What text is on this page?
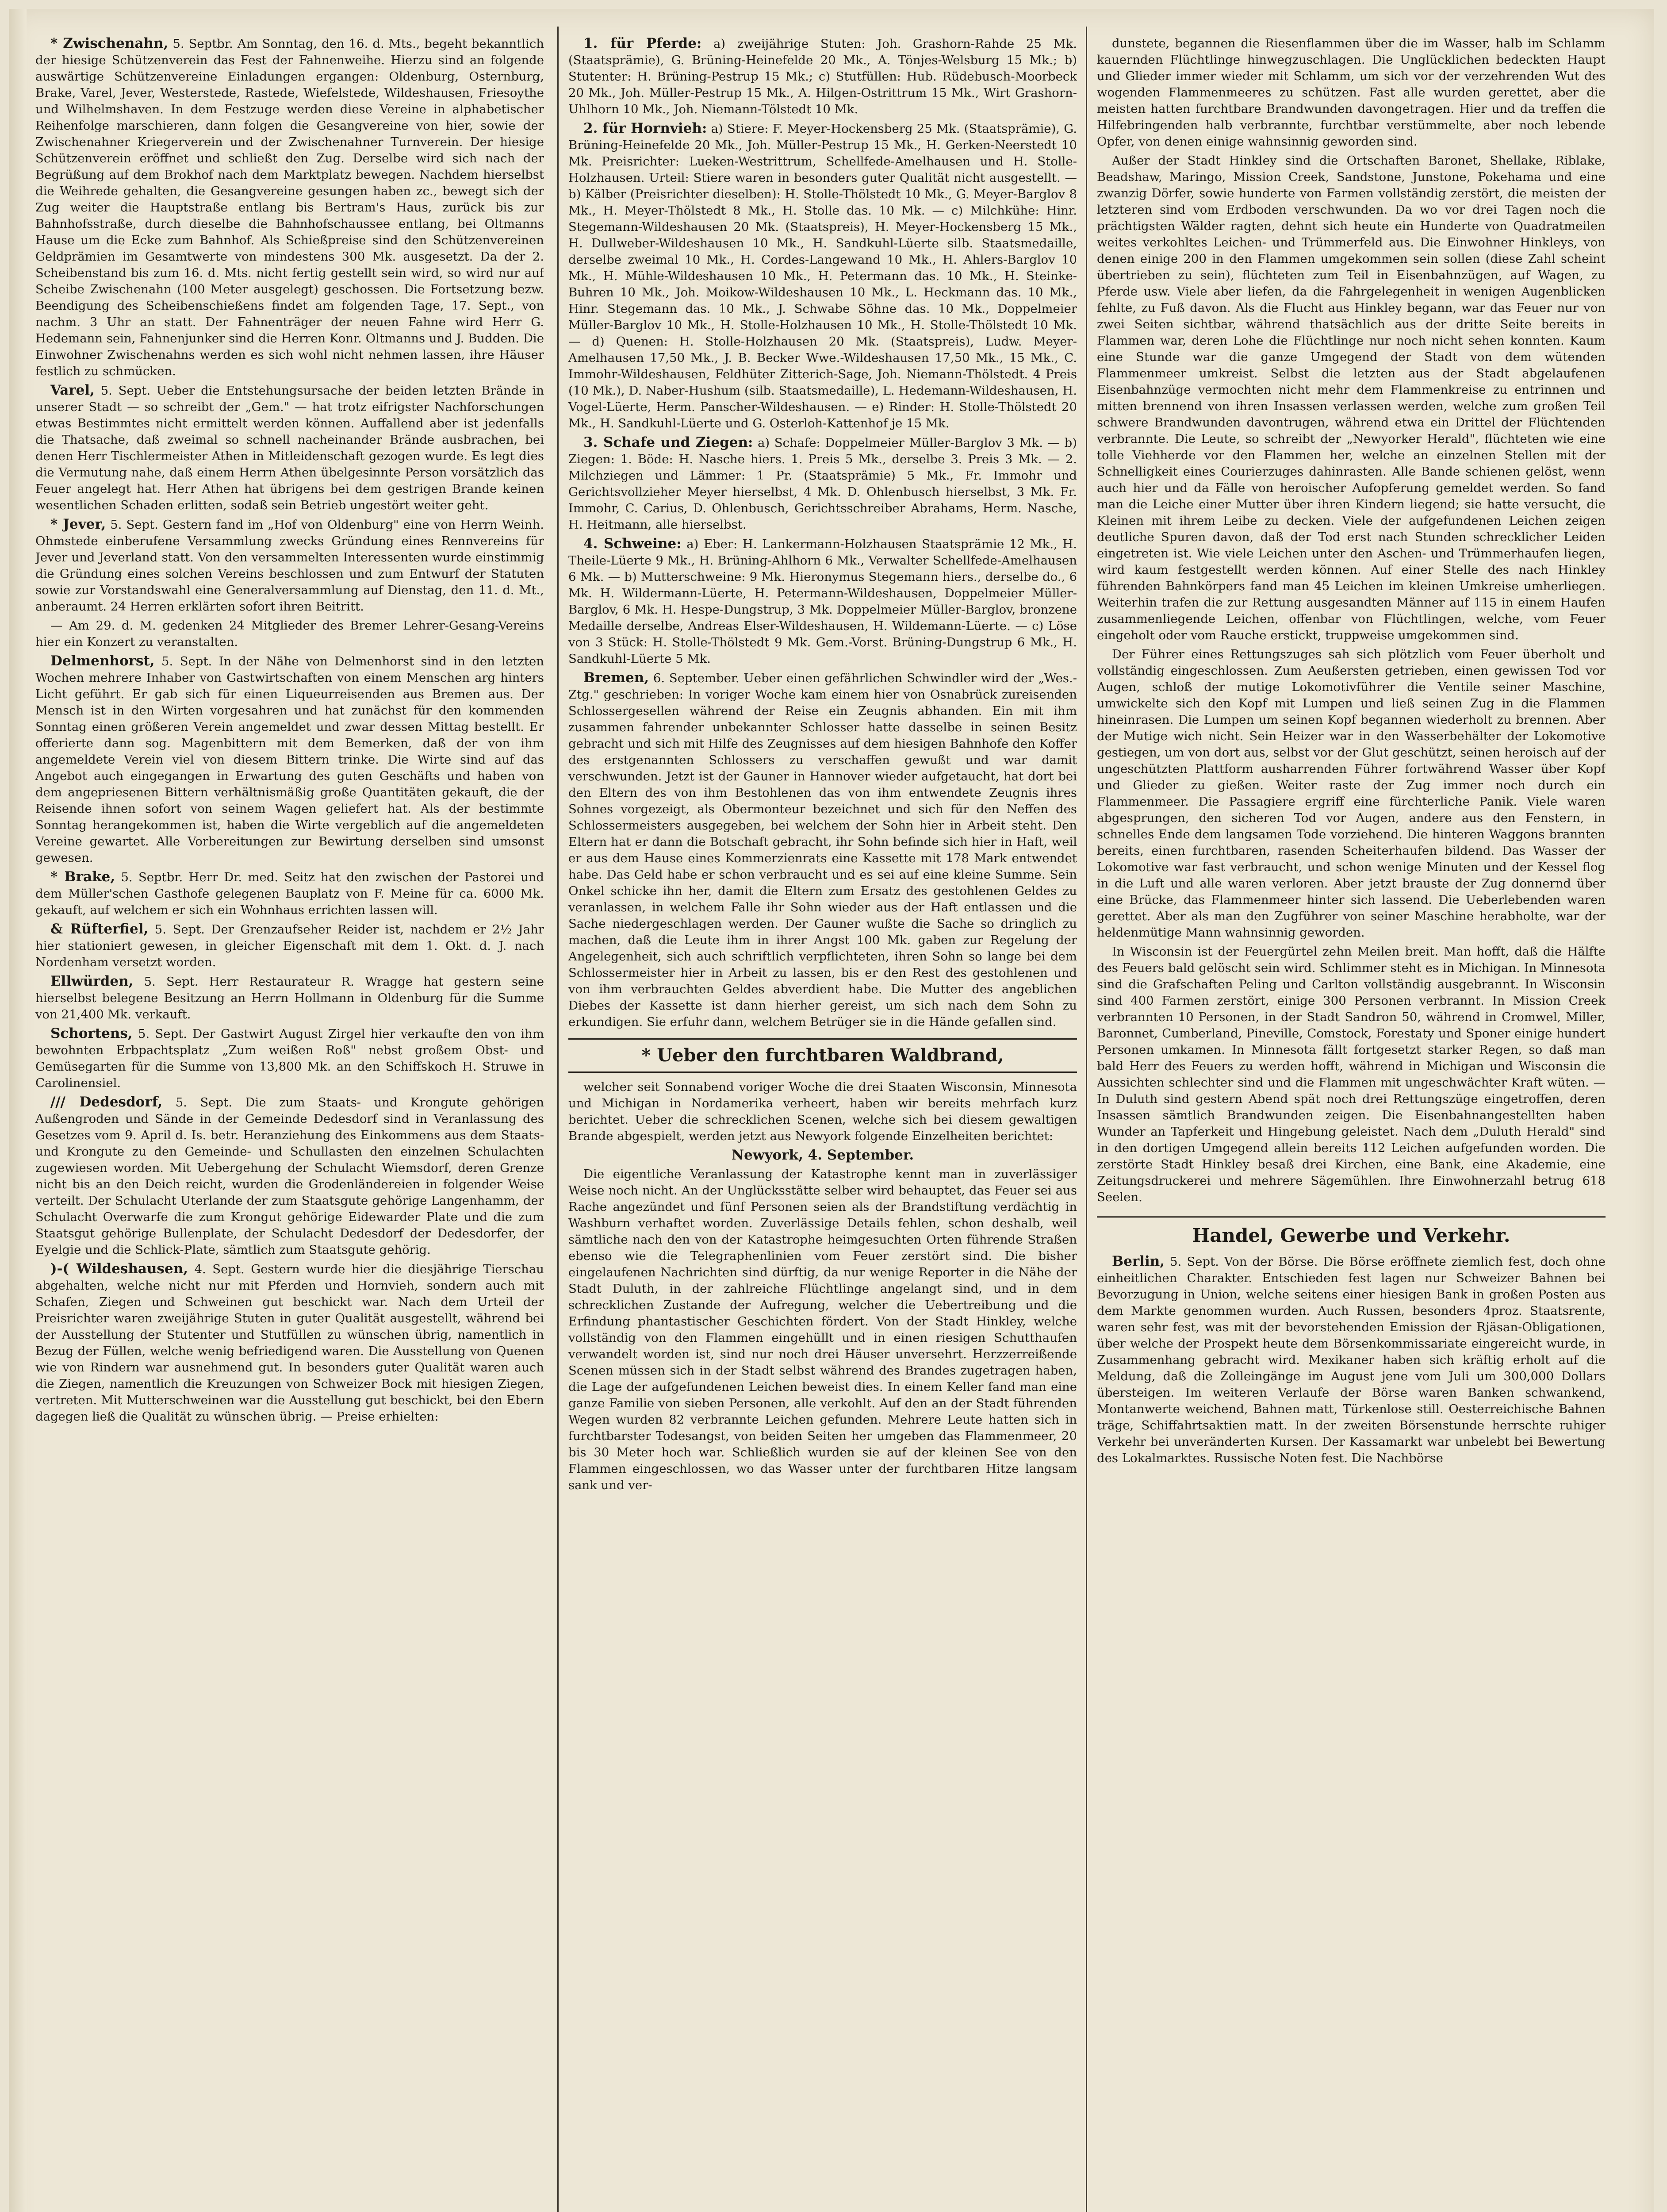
* Zwischenahn, 5. Septbr. Am Sonntag, den 16. d. Mts., begeht bekanntlich der hiesige Schützenverein das Fest der Fahnenweihe. Hierzu sind an folgende auswärtige Schützenvereine Einladungen ergangen: Oldenburg, Osternburg, Brake, Varel, Jever, Westerstede, Rastede, Wiefelstede, Wildeshausen, Friesoythe und Wilhelmshaven. In dem Festzuge werden diese Vereine in alphabetischer Reihenfolge marschieren, dann folgen die Gesangvereine von hier, sowie der Zwischenahner Kriegerverein und der Zwischenahner Turnverein. Der hiesige Schützenverein eröffnet und schließt den Zug. Derselbe wird sich nach der Begrüßung auf dem Brokhof nach dem Marktplatz bewegen. Nachdem hierselbst die Weihrede gehalten, die Gesangvereine gesungen haben zc., bewegt sich der Zug weiter die Hauptstraße entlang bis Bertram's Haus, zurück bis zur Bahnhofsstraße, durch dieselbe die Bahnhofschaussee entlang, bei Oltmanns Hause um die Ecke zum Bahnhof. Als Schießpreise sind den Schützenvereinen Geldprämien im Gesamtwerte von mindestens 300 Mk. ausgesetzt. Da der 2. Scheibenstand bis zum 16. d. Mts. nicht fertig gestellt sein wird, so wird nur auf Scheibe Zwischenahn (100 Meter ausgelegt) geschossen. Die Fortsetzung bezw. Beendigung des Scheibenschießens findet am folgenden Tage, 17. Sept., von nachm. 3 Uhr an statt. Der Fahnenträger der neuen Fahne wird Herr G. Hedemann sein, Fahnenjunker sind die Herren Konr. Oltmanns und J. Budden. Die Einwohner Zwischenahns werden es sich wohl nicht nehmen lassen, ihre Häuser festlich zu schmücken.

Varel, 5. Sept. Ueber die Entstehungsursache der beiden letzten Brände in unserer Stadt — so schreibt der „Gem." — hat trotz eifrigster Nachforschungen etwas Bestimmtes nicht ermittelt werden können. Auffallend aber ist jedenfalls die Thatsache, daß zweimal so schnell nacheinander Brände ausbrachen, bei denen Herr Tischlermeister Athen in Mitleidenschaft gezogen wurde. Es legt dies die Vermutung nahe, daß einem Herrn Athen übelgesinnte Person vorsätzlich das Feuer angelegt hat. Herr Athen hat übrigens bei dem gestrigen Brande keinen wesentlichen Schaden erlitten, sodaß sein Betrieb ungestört weiter geht.

* Jever, 5. Sept. Gestern fand im „Hof von Oldenburg" eine von Herrn Weinh. Ohmstede einberufene Versammlung zwecks Gründung eines Rennvereins für Jever und Jeverland statt. Von den versammelten Interessenten wurde einstimmig die Gründung eines solchen Vereins beschlossen und zum Entwurf der Statuten sowie zur Vorstandswahl eine Generalversammlung auf Dienstag, den 11. d. Mt., anberaumt. 24 Herren erklärten sofort ihren Beitritt.

— Am 29. d. M. gedenken 24 Mitglieder des Bremer Lehrer-Gesang-Vereins hier ein Konzert zu veranstalten.

Delmenhorst, 5. Sept. In der Nähe von Delmenhorst sind in den letzten Wochen mehrere Inhaber von Gastwirtschaften von einem Menschen arg hinters Licht geführt. Er gab sich für einen Liqueurreisenden aus Bremen aus. Der Mensch ist in den Wirten vorgesahren und hat zunächst für den kommenden Sonntag einen größeren Verein angemeldet und zwar dessen Mittag bestellt. Er offerierte dann sog. Magenbittern mit dem Bemerken, daß der von ihm angemeldete Verein viel von diesem Bittern trinke. Die Wirte sind auf das Angebot auch eingegangen in Erwartung des guten Geschäfts und haben von dem angepriesenen Bittern verhältnismäßig große Quantitäten gekauft, die der Reisende ihnen sofort von seinem Wagen geliefert hat. Als der bestimmte Sonntag herangekommen ist, haben die Wirte vergeblich auf die angemeldeten Vereine gewartet. Alle Vorbereitungen zur Bewirtung derselben sind umsonst gewesen.

* Brake, 5. Septbr. Herr Dr. med. Seitz hat den zwischen der Pastorei und dem Müller'schen Gasthofe gelegenen Bauplatz von F. Meine für ca. 6000 Mk. gekauft, auf welchem er sich ein Wohnhaus errichten lassen will.

& Rüfterfiel, 5. Sept. Der Grenzaufseher Reider ist, nachdem er 2½ Jahr hier stationiert gewesen, in gleicher Eigenschaft mit dem 1. Okt. d. J. nach Nordenham versetzt worden.

Ellwürden, 5. Sept. Herr Restaurateur R. Wragge hat gestern seine hierselbst belegene Besitzung an Herrn Hollmann in Oldenburg für die Summe von 21,400 Mk. verkauft.

Schortens, 5. Sept. Der Gastwirt August Zirgel hier verkaufte den von ihm bewohnten Erbpachtsplatz „Zum weißen Roß" nebst großem Obst- und Gemüsegarten für die Summe von 13,800 Mk. an den Schiffskoch H. Struwe in Carolinensiel.

/// Dedesdorf, 5. Sept. Die zum Staats- und Krongute gehörigen Außengroden und Sände in der Gemeinde Dedesdorf sind in Veranlassung des Gesetzes vom 9. April d. Is. betr. Heranziehung des Einkommens aus dem Staats- und Krongute zu den Gemeinde- und Schullasten den einzelnen Schulachten zugewiesen worden. Mit Uebergehung der Schulacht Wiemsdorf, deren Grenze nicht bis an den Deich reicht, wurden die Grodenländereien in folgender Weise verteilt. Der Schulacht Uterlande der zum Staatsgute gehörige Langenhamm, der Schulacht Overwarfe die zum Krongut gehörige Eidewarder Plate und die zum Staatsgut gehörige Bullenplate, der Schulacht Dedesdorf der Dedesdorfer, der Eyelgie und die Schlick-Plate, sämtlich zum Staatsgute gehörig.

)-( Wildeshausen, 4. Sept. Gestern wurde hier die diesjährige Tierschau abgehalten, welche nicht nur mit Pferden und Hornvieh, sondern auch mit Schafen, Ziegen und Schweinen gut beschickt war. Nach dem Urteil der Preisrichter waren zweijährige Stuten in guter Qualität ausgestellt, während bei der Ausstellung der Stutenter und Stutfüllen zu wünschen übrig, namentlich in Bezug der Füllen, welche wenig befriedigend waren. Die Ausstellung von Quenen wie von Rindern war ausnehmend gut. In besonders guter Qualität waren auch die Ziegen, namentlich die Kreuzungen von Schweizer Bock mit hiesigen Ziegen, vertreten. Mit Mutterschweinen war die Ausstellung gut beschickt, bei den Ebern dagegen ließ die Qualität zu wünschen übrig. — Preise erhielten:

1. für Pferde: a) zweijährige Stuten: Joh. Grashorn-Rahde 25 Mk. (Staatsprämie), G. Brüning-Heinefelde 20 Mk., A. Tönjes-Welsburg 15 Mk.; b) Stutenter: H. Brüning-Pestrup 15 Mk.; c) Stutfüllen: Hub. Rüdebusch-Moorbeck 20 Mk., Joh. Müller-Pestrup 15 Mk., A. Hilgen-Ostrittrum 15 Mk., Wirt Grashorn-Uhlhorn 10 Mk., Joh. Niemann-Tölstedt 10 Mk.

2. für Hornvieh: a) Stiere: F. Meyer-Hockensberg 25 Mk. (Staatsprämie), G. Brüning-Heinefelde 20 Mk., Joh. Müller-Pestrup 15 Mk., H. Gerken-Neerstedt 10 Mk. Preisrichter: Lueken-Westrittrum, Schellfede-Amelhausen und H. Stolle-Holzhausen. Urteil: Stiere waren in besonders guter Qualität nicht ausgestellt. — b) Kälber (Preisrichter dieselben): H. Stolle-Thölstedt 10 Mk., G. Meyer-Barglov 8 Mk., H. Meyer-Thölstedt 8 Mk., H. Stolle das. 10 Mk. — c) Milchkühe: Hinr. Stegemann-Wildeshausen 20 Mk. (Staatspreis), H. Meyer-Hockensberg 15 Mk., H. Dullweber-Wildeshausen 10 Mk., H. Sandkuhl-Lüerte silb. Staatsmedaille, derselbe zweimal 10 Mk., H. Cordes-Langewand 10 Mk., H. Ahlers-Barglov 10 Mk., H. Mühle-Wildeshausen 10 Mk., H. Petermann das. 10 Mk., H. Steinke-Buhren 10 Mk., Joh. Moikow-Wildeshausen 10 Mk., L. Heckmann das. 10 Mk., Hinr. Stegemann das. 10 Mk., J. Schwabe Söhne das. 10 Mk., Doppelmeier Müller-Barglov 10 Mk., H. Stolle-Holzhausen 10 Mk., H. Stolle-Thölstedt 10 Mk. — d) Quenen: H. Stolle-Holzhausen 20 Mk. (Staatspreis), Ludw. Meyer-Amelhausen 17,50 Mk., J. B. Becker Wwe.-Wildeshausen 17,50 Mk., 15 Mk., C. Immohr-Wildeshausen, Feldhüter Zitterich-Sage, Joh. Niemann-Thölstedt. 4 Preis (10 Mk.), D. Naber-Hushum (silb. Staatsmedaille), L. Hedemann-Wildeshausen, H. Vogel-Lüerte, Herm. Panscher-Wildeshausen. — e) Rinder: H. Stolle-Thölstedt 20 Mk., H. Sandkuhl-Lüerte und G. Osterloh-Kattenhof je 15 Mk.

3. Schafe und Ziegen: a) Schafe: Doppelmeier Müller-Barglov 3 Mk. — b) Ziegen: 1. Böde: H. Nasche hiers. 1. Preis 5 Mk., derselbe 3. Preis 3 Mk. — 2. Milchziegen und Lämmer: 1 Pr. (Staatsprämie) 5 Mk., Fr. Immohr und Gerichtsvollzieher Meyer hierselbst, 4 Mk. D. Ohlenbusch hierselbst, 3 Mk. Fr. Immohr, C. Carius, D. Ohlenbusch, Gerichtsschreiber Abrahams, Herm. Nasche, H. Heitmann, alle hierselbst.

4. Schweine: a) Eber: H. Lankermann-Holzhausen Staatsprämie 12 Mk., H. Theile-Lüerte 9 Mk., H. Brüning-Ahlhorn 6 Mk., Verwalter Schellfede-Amelhausen 6 Mk. — b) Mutterschweine: 9 Mk. Hieronymus Stegemann hiers., derselbe do., 6 Mk. H. Wildermann-Lüerte, H. Petermann-Wildeshausen, Doppelmeier Müller-Barglov, 6 Mk. H. Hespe-Dungstrup, 3 Mk. Doppelmeier Müller-Barglov, bronzene Medaille derselbe, Andreas Elser-Wildeshausen, H. Wildemann-Lüerte. — c) Löse von 3 Stück: H. Stolle-Thölstedt 9 Mk. Gem.-Vorst. Brüning-Dungstrup 6 Mk., H. Sandkuhl-Lüerte 5 Mk.

Bremen, 6. September. Ueber einen gefährlichen Schwindler wird der „Wes.-Ztg." geschrieben: In voriger Woche kam einem hier von Osnabrück zureisenden Schlossergesellen während der Reise ein Zeugnis abhanden. Ein mit ihm zusammen fahrender unbekannter Schlosser hatte dasselbe in seinen Besitz gebracht und sich mit Hilfe des Zeugnisses auf dem hiesigen Bahnhofe den Koffer des erstgenannten Schlossers zu verschaffen gewußt und war damit verschwunden. Jetzt ist der Gauner in Hannover wieder aufgetaucht, hat dort bei den Eltern des von ihm Bestohlenen das von ihm entwendete Zeugnis ihres Sohnes vorgezeigt, als Obermonteur bezeichnet und sich für den Neffen des Schlossermeisters ausgegeben, bei welchem der Sohn hier in Arbeit steht. Den Eltern hat er dann die Botschaft gebracht, ihr Sohn befinde sich hier in Haft, weil er aus dem Hause eines Kommerzienrats eine Kassette mit 178 Mark entwendet habe. Das Geld habe er schon verbraucht und es sei auf eine kleine Summe. Sein Onkel schicke ihn her, damit die Eltern zum Ersatz des gestohlenen Geldes zu veranlassen, in welchem Falle ihr Sohn wieder aus der Haft entlassen und die Sache niedergeschlagen werden. Der Gauner wußte die Sache so dringlich zu machen, daß die Leute ihm in ihrer Angst 100 Mk. gaben zur Regelung der Angelegenheit, sich auch schriftlich verpflichteten, ihren Sohn so lange bei dem Schlossermeister hier in Arbeit zu lassen, bis er den Rest des gestohlenen und von ihm verbrauchten Geldes abverdient habe. Die Mutter des angeblichen Diebes der Kassette ist dann hierher gereist, um sich nach dem Sohn zu erkundigen. Sie erfuhr dann, welchem Betrüger sie in die Hände gefallen sind.

* Ueber den furchtbaren Waldbrand,

welcher seit Sonnabend voriger Woche die drei Staaten Wisconsin, Minnesota und Michigan in Nordamerika verheert, haben wir bereits mehrfach kurz berichtet. Ueber die schrecklichen Scenen, welche sich bei diesem gewaltigen Brande abgespielt, werden jetzt aus Newyork folgende Einzelheiten berichtet:

Newyork, 4. September.

Die eigentliche Veranlassung der Katastrophe kennt man in zuverlässiger Weise noch nicht. An der Unglücksstätte selber wird behauptet, das Feuer sei aus Rache angezündet und fünf Personen seien als der Brandstiftung verdächtig in Washburn verhaftet worden. Zuverlässige Details fehlen, schon deshalb, weil sämtliche nach den von der Katastrophe heimgesuchten Orten führende Straßen ebenso wie die Telegraphenlinien vom Feuer zerstört sind. Die bisher eingelaufenen Nachrichten sind dürftig, da nur wenige Reporter in die Nähe der Stadt Duluth, in der zahlreiche Flüchtlinge angelangt sind, und in dem schrecklichen Zustande der Aufregung, welcher die Uebertreibung und die Erfindung phantastischer Geschichten fördert. Von der Stadt Hinkley, welche vollständig von den Flammen eingehüllt und in einen riesigen Schutthaufen verwandelt worden ist, sind nur noch drei Häuser unversehrt. Herzzerreißende Scenen müssen sich in der Stadt selbst während des Brandes zugetragen haben, die Lage der aufgefundenen Leichen beweist dies. In einem Keller fand man eine ganze Familie von sieben Personen, alle verkohlt. Auf den an der Stadt führenden Wegen wurden 82 verbrannte Leichen gefunden. Mehrere Leute hatten sich in furchtbarster Todesangst, von beiden Seiten her umgeben das Flammenmeer, 20 bis 30 Meter hoch war. Schließlich wurden sie auf der kleinen See von den Flammen eingeschlossen, wo das Wasser unter der furchtbaren Hitze langsam sank und ver-

dunstete, begannen die Riesenflammen über die im Wasser, halb im Schlamm kauernden Flüchtlinge hinwegzuschlagen. Die Unglücklichen bedeckten Haupt und Glieder immer wieder mit Schlamm, um sich vor der verzehrenden Wut des wogenden Flammenmeeres zu schützen. Fast alle wurden gerettet, aber die meisten hatten furchtbare Brandwunden davongetragen. Hier und da treffen die Hilfebringenden halb verbrannte, furchtbar verstümmelte, aber noch lebende Opfer, von denen einige wahnsinnig geworden sind.

Außer der Stadt Hinkley sind die Ortschaften Baronet, Shellake, Riblake, Beadshaw, Maringo, Mission Creek, Sandstone, Junstone, Pokehama und eine zwanzig Dörfer, sowie hunderte von Farmen vollständig zerstört, die meisten der letzteren sind vom Erdboden verschwunden. Da wo vor drei Tagen noch die prächtigsten Wälder ragten, dehnt sich heute ein Hunderte von Quadratmeilen weites verkohltes Leichen- und Trümmerfeld aus. Die Einwohner Hinkleys, von denen einige 200 in den Flammen umgekommen sein sollen (diese Zahl scheint übertrieben zu sein), flüchteten zum Teil in Eisenbahnzügen, auf Wagen, zu Pferde usw. Viele aber liefen, da die Fahrgelegenheit in wenigen Augenblicken fehlte, zu Fuß davon. Als die Flucht aus Hinkley begann, war das Feuer nur von zwei Seiten sichtbar, während thatsächlich aus der dritte Seite bereits in Flammen war, deren Lohe die Flüchtlinge nur noch nicht sehen konnten. Kaum eine Stunde war die ganze Umgegend der Stadt von dem wütenden Flammenmeer umkreist. Selbst die letzten aus der Stadt abgelaufenen Eisenbahnzüge vermochten nicht mehr dem Flammenkreise zu entrinnen und mitten brennend von ihren Insassen verlassen werden, welche zum großen Teil schwere Brandwunden davontrugen, während etwa ein Drittel der Flüchtenden verbrannte. Die Leute, so schreibt der „Newyorker Herald", flüchteten wie eine tolle Viehherde vor den Flammen her, welche an einzelnen Stellen mit der Schnelligkeit eines Courierzuges dahinrasten. Alle Bande schienen gelöst, wenn auch hier und da Fälle von heroischer Aufopferung gemeldet werden. So fand man die Leiche einer Mutter über ihren Kindern liegend; sie hatte versucht, die Kleinen mit ihrem Leibe zu decken. Viele der aufgefundenen Leichen zeigen deutliche Spuren davon, daß der Tod erst nach Stunden schrecklicher Leiden eingetreten ist. Wie viele Leichen unter den Aschen- und Trümmerhaufen liegen, wird kaum festgestellt werden können. Auf einer Stelle des nach Hinkley führenden Bahnkörpers fand man 45 Leichen im kleinen Umkreise umherliegen. Weiterhin trafen die zur Rettung ausgesandten Männer auf 115 in einem Haufen zusammenliegende Leichen, offenbar von Flüchtlingen, welche, vom Feuer eingeholt oder vom Rauche erstickt, truppweise umgekommen sind.

Der Führer eines Rettungszuges sah sich plötzlich vom Feuer überholt und vollständig eingeschlossen. Zum Aeußersten getrieben, einen gewissen Tod vor Augen, schloß der mutige Lokomotivführer die Ventile seiner Maschine, umwickelte sich den Kopf mit Lumpen und ließ seinen Zug in die Flammen hineinrasen. Die Lumpen um seinen Kopf begannen wiederholt zu brennen. Aber der Mutige wich nicht. Sein Heizer war in den Wasserbehälter der Lokomotive gestiegen, um von dort aus, selbst vor der Glut geschützt, seinen heroisch auf der ungeschützten Plattform ausharrenden Führer fortwährend Wasser über Kopf und Glieder zu gießen. Weiter raste der Zug immer noch durch ein Flammenmeer. Die Passagiere ergriff eine fürchterliche Panik. Viele waren abgesprungen, den sicheren Tod vor Augen, andere aus den Fenstern, in schnelles Ende dem langsamen Tode vorziehend. Die hinteren Waggons brannten bereits, einen furchtbaren, rasenden Scheiterhaufen bildend. Das Wasser der Lokomotive war fast verbraucht, und schon wenige Minuten und der Kessel flog in die Luft und alle waren verloren. Aber jetzt brauste der Zug donnernd über eine Brücke, das Flammenmeer hinter sich lassend. Die Ueberlebenden waren gerettet. Aber als man den Zugführer von seiner Maschine herabholte, war der heldenmütige Mann wahnsinnig geworden.

In Wisconsin ist der Feuergürtel zehn Meilen breit. Man hofft, daß die Hälfte des Feuers bald gelöscht sein wird. Schlimmer steht es in Michigan. In Minnesota sind die Grafschaften Peling und Carlton vollständig ausgebrannt. In Wisconsin sind 400 Farmen zerstört, einige 300 Personen verbrannt. In Mission Creek verbrannten 10 Personen, in der Stadt Sandron 50, während in Cromwel, Miller, Baronnet, Cumberland, Pineville, Comstock, Forestaty und Sponer einige hundert Personen umkamen. In Minnesota fällt fortgesetzt starker Regen, so daß man bald Herr des Feuers zu werden hofft, während in Michigan und Wisconsin die Aussichten schlechter sind und die Flammen mit ungeschwächter Kraft wüten. — In Duluth sind gestern Abend spät noch drei Rettungszüge eingetroffen, deren Insassen sämtlich Brandwunden zeigen. Die Eisenbahnangestellten haben Wunder an Tapferkeit und Hingebung geleistet. Nach dem „Duluth Herald" sind in den dortigen Umgegend allein bereits 112 Leichen aufgefunden worden. Die zerstörte Stadt Hinkley besaß drei Kirchen, eine Bank, eine Akademie, eine Zeitungsdruckerei und mehrere Sägemühlen. Ihre Einwohnerzahl betrug 618 Seelen.

Handel, Gewerbe und Verkehr.

Berlin, 5. Sept. Von der Börse. Die Börse eröffnete ziemlich fest, doch ohne einheitlichen Charakter. Entschieden fest lagen nur Schweizer Bahnen bei Bevorzugung in Union, welche seitens einer hiesigen Bank in großen Posten aus dem Markte genommen wurden. Auch Russen, besonders 4proz. Staatsrente, waren sehr fest, was mit der bevorstehenden Emission der Rjäsan-Obligationen, über welche der Prospekt heute dem Börsenkommissariate eingereicht wurde, in Zusammenhang gebracht wird. Mexikaner haben sich kräftig erholt auf die Meldung, daß die Zolleingänge im August jene vom Juli um 300,000 Dollars übersteigen. Im weiteren Verlaufe der Börse waren Banken schwankend, Montanwerte weichend, Bahnen matt, Türkenlose still. Oesterreichische Bahnen träge, Schiffahrtsaktien matt. In der zweiten Börsenstunde herrschte ruhiger Verkehr bei unveränderten Kursen. Der Kassamarkt war unbelebt bei Bewertung des Lokalmarktes. Russische Noten fest. Die Nachbörse
